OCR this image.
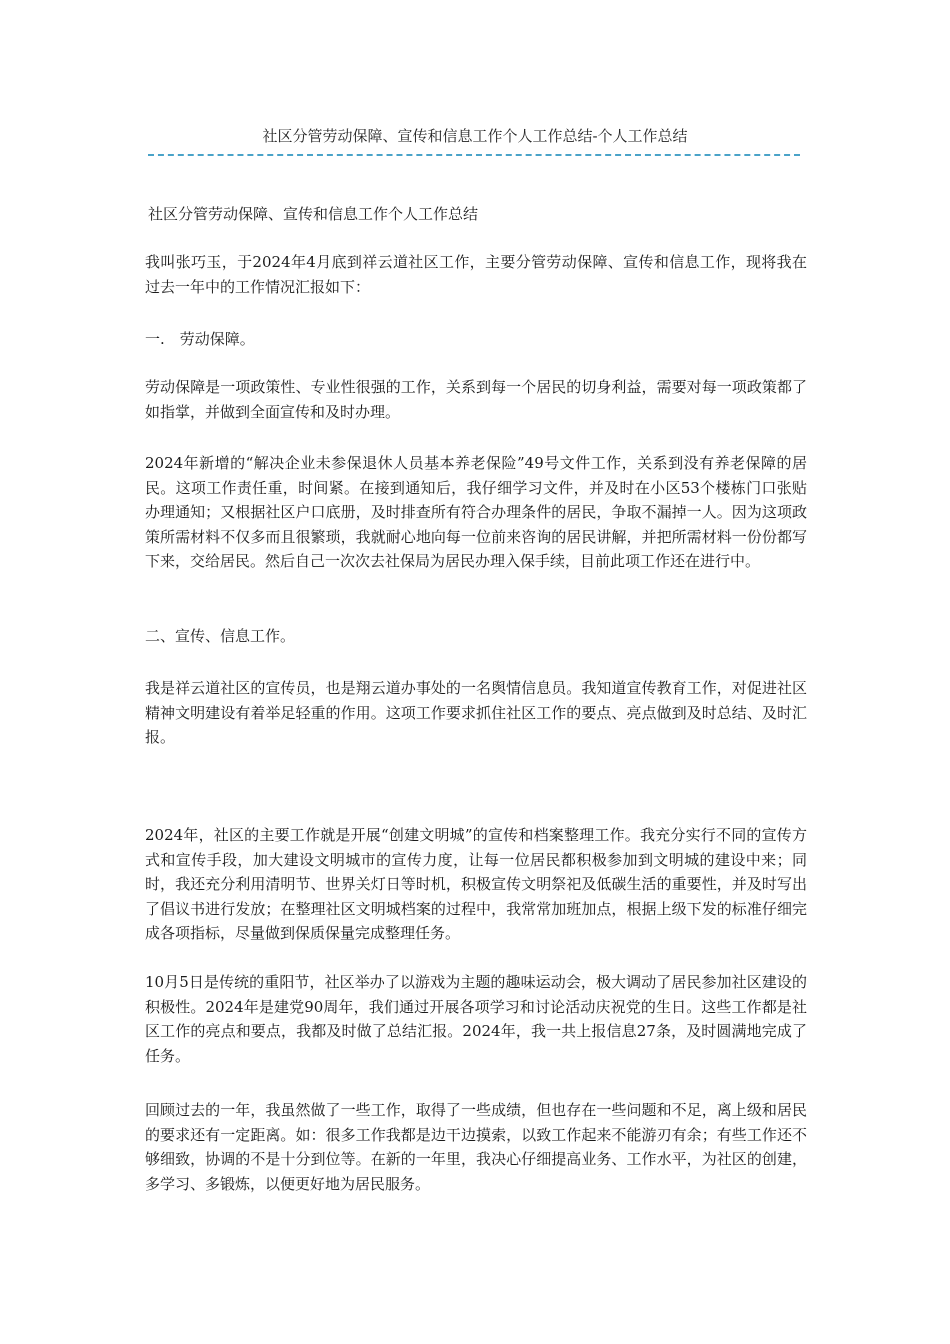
社区分管劳动保障、宣传和信息工作个人工作总结-个人工作总结

社区分管劳动保障、宣传和信息工作个人工作总结

我叫张巧玉，于2024年4月底到祥云道社区工作，主要分管劳动保障、宣传和信息工作，现将我在过去一年中的工作情况汇报如下：

一.　劳动保障。

劳动保障是一项政策性、专业性很强的工作，关系到每一个居民的切身利益，需要对每一项政策都了如指掌，并做到全面宣传和及时办理。

2024年新增的“解决企业未参保退休人员基本养老保险”49号文件工作，关系到没有养老保障的居民。这项工作责任重，时间紧。在接到通知后，我仔细学习文件，并及时在小区53个楼栋门口张贴办理通知；又根据社区户口底册，及时排查所有符合办理条件的居民，争取不漏掉一人。因为这项政策所需材料不仅多而且很繁琐，我就耐心地向每一位前来咨询的居民讲解，并把所需材料一份份都写下来，交给居民。然后自己一次次去社保局为居民办理入保手续，目前此项工作还在进行中。

二、宣传、信息工作。

我是祥云道社区的宣传员，也是翔云道办事处的一名舆情信息员。我知道宣传教育工作，对促进社区精神文明建设有着举足轻重的作用。这项工作要求抓住社区工作的要点、亮点做到及时总结、及时汇报。

2024年，社区的主要工作就是开展“创建文明城”的宣传和档案整理工作。我充分实行不同的宣传方式和宣传手段，加大建设文明城市的宣传力度，让每一位居民都积极参加到文明城的建设中来；同时，我还充分利用清明节、世界关灯日等时机，积极宣传文明祭祀及低碳生活的重要性，并及时写出了倡议书进行发放；在整理社区文明城档案的过程中，我常常加班加点，根据上级下发的标准仔细完成各项指标，尽量做到保质保量完成整理任务。

10月5日是传统的重阳节，社区举办了以游戏为主题的趣味运动会，极大调动了居民参加社区建设的积极性。2024年是建党90周年，我们通过开展各项学习和讨论活动庆祝党的生日。这些工作都是社区工作的亮点和要点，我都及时做了总结汇报。2024年，我一共上报信息27条，及时圆满地完成了任务。

回顾过去的一年，我虽然做了一些工作，取得了一些成绩，但也存在一些问题和不足，离上级和居民的要求还有一定距离。如：很多工作我都是边干边摸索，以致工作起来不能游刃有余；有些工作还不够细致，协调的不是十分到位等。在新的一年里，我决心仔细提高业务、工作水平，为社区的创建，多学习、多锻炼，以便更好地为居民服务。
